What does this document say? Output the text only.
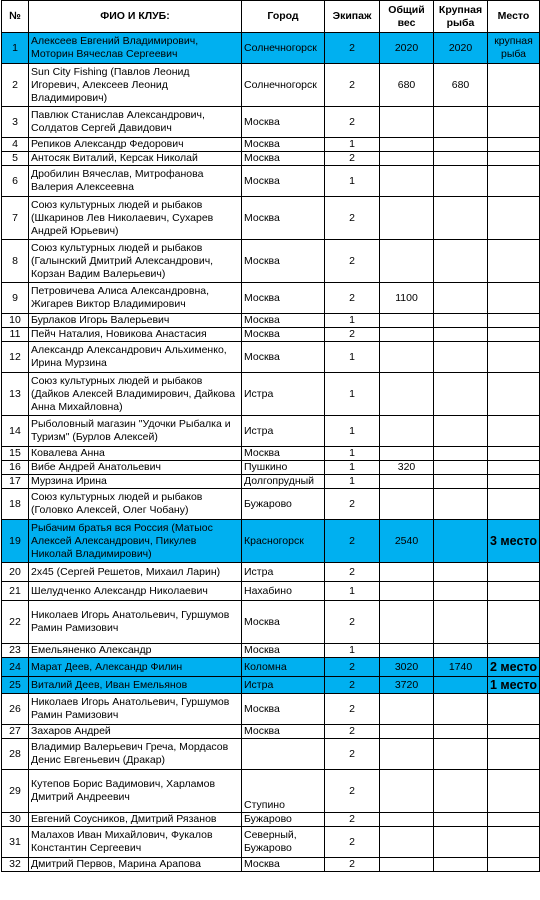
№	ФИО И КЛУБ:	Город	Экипаж	Общий вес	Крупная рыба	Место
1	Алексеев Евгений Владимирович, Моторин Вячеслав Сергеевич	Солнечногорск	2	2020	2020	крупная рыба
2	Sun City Fishing (Павлов Леонид Игоревич, Алексеев Леонид Владимирович)	Солнечногорск	2	680	680	
3	Павлюк Станислав Александрович, Солдатов Сергей Давидович	Москва	2			
4	Репиков Александр Федорович	Москва	1			
5	Антосяк Виталий, Керсак Николай	Москва	2			
6	Дробилин Вячеслав, Митрофанова Валерия Алексеевна	Москва	1			
7	Союз культурных людей и рыбаков (Шкаринов Лев Николаевич, Сухарев Андрей Юрьевич)	Москва	2			
8	Союз культурных людей и рыбаков (Галынский Дмитрий Александрович, Корзан Вадим Валерьевич)	Москва	2			
9	Петровичева Алиса Александровна, Жигарев Виктор Владимирович	Москва	2	1100		
10	Бурлаков Игорь Валерьевич	Москва	1			
11	Пейч Наталия, Новикова Анастасия	Москва	2			
12	Александр Александрович Альхименко, Ирина Мурзина	Москва	1			
13	Союз культурных людей и рыбаков (Дайков Алексей Владимирович, Дайкова Анна Михайловна)	Истра	1			
14	Рыболовный магазин "Удочки Рыбалка и Туризм" (Бурлов Алексей)	Истра	1			
15	Ковалева Анна	Москва	1			
16	Вибе Андрей Анатольевич	Пушкино	1	320		
17	Мурзина Ирина	Долгопрудный	1			
18	Союз культурных людей и рыбаков (Головко Алексей, Олег Чобану)	Бужарово	2			
19	Рыбачим братья вся Россия (Матыос Алексей Александрович, Пикулев Николай Владимирович)	Красногорск	2	2540		3 место
20	2x45 (Сергей Решетов, Михаил Ларин)	Истра	2			
21	Шелудченко Александр Николаевич	Нахабино	1			
22	Николаев Игорь Анатольевич, Гуршумов Рамин Рамизович	Москва	2			
23	Емельяненко Александр	Москва	1			
24	Марат Деев, Александр Филин	Коломна	2	3020	1740	2 место
25	Виталий Деев, Иван Емельянов	Истра	2	3720		1 место
26	Николаев Игорь Анатольевич, Гуршумов Рамин Рамизович	Москва	2			
27	Захаров Андрей	Москва	2			
28	Владимир Валерьевич Греча, Мордасов Денис Евгеньевич (Дракар)		2			
29	Кутепов Борис Вадимович, Харламов Дмитрий Андреевич	Ступино	2			
30	Евгений Соусников, Дмитрий Рязанов	Бужарово	2			
31	Малахов Иван Михайлович, Фукалов Константин Сергеевич	Северный, Бужарово	2			
32	Дмитрий Первов, Марина Арапова	Москва	2			
